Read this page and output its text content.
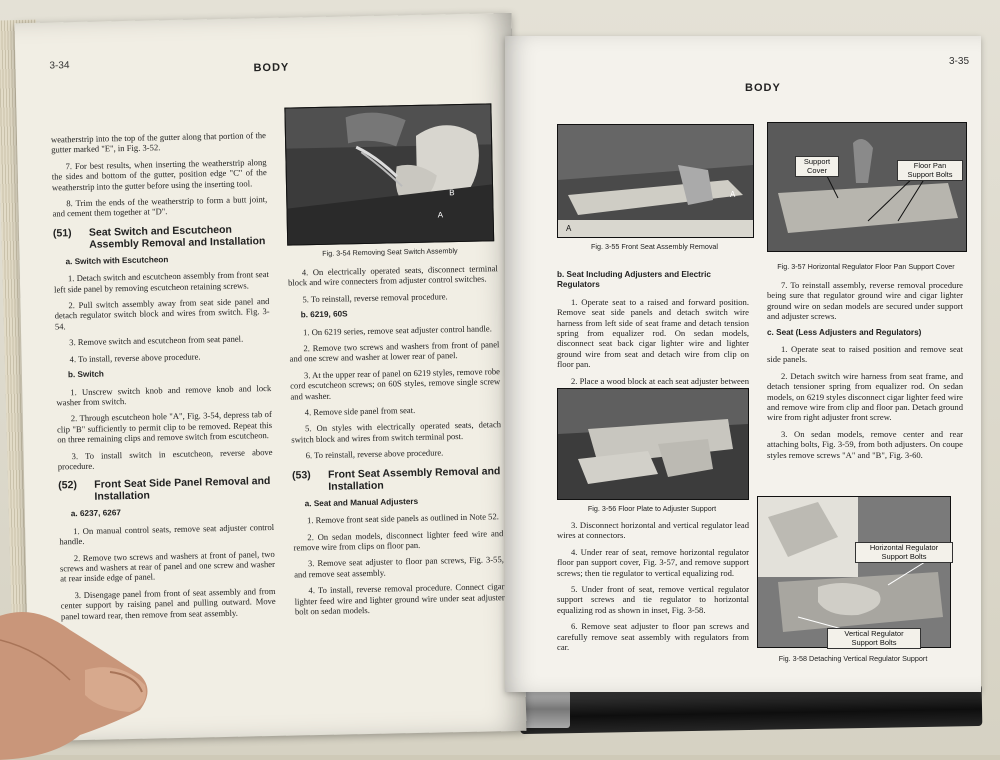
3-34	BODY

weatherstrip into the top of the gutter along that portion of the gutter marked "E", in Fig. 3-52.

7. For best results, when inserting the weatherstrip along the sides and bottom of the gutter, position edge "C" of the weatherstrip into the gutter before using the inserting tool.

8. Trim the ends of the weatherstrip to form a butt joint, and cement them together at "D".

(51)	Seat Switch and Escutcheon Assembly Removal and Installation
a. Switch with Escutcheon

1. Detach switch and escutcheon assembly from front seat left side panel by removing escutcheon retaining screws.

2. Pull switch assembly away from seat side panel and detach regulator switch block and wires from switch. Fig. 3-54.

3. Remove switch and escutcheon from seat panel.

4. To install, reverse above procedure.

b. Switch

1. Unscrew switch knob and remove knob and lock washer from switch.

2. Through escutcheon hole "A", Fig. 3-54, depress tab of clip "B" sufficiently to permit clip to be removed. Repeat this on three remaining clips and remove switch from escutcheon.

3. To install switch in escutcheon, reverse above procedure.

(52)	Front Seat Side Panel Removal and Installation
a. 6237, 6267

1. On manual control seats, remove seat adjuster control handle.

2. Remove two screws and washers at front of panel, two screws and washers at rear of panel and one screw and washer at rear inside edge of panel.

3. Disengage panel from front of seat assembly and from center support by raising panel and pulling outward. Move panel toward rear, then remove from seat assembly.

B
A
Fig. 3-54 Removing Seat Switch Assembly

4. On electrically operated seats, disconnect terminal block and wire connecters from adjuster control switches.

5. To reinstall, reverse removal procedure.

b. 6219, 60S

1. On 6219 series, remove seat adjuster control handle.

2. Remove two screws and washers from front of panel and one screw and washer at lower rear of panel.

3. At the upper rear of panel on 6219 styles, remove robe cord escutcheon screws; on 60S styles, remove single screw and washer.

4. Remove side panel from seat.

5. On styles with electrically operated seats, detach switch block and wires from switch terminal post.

6. To reinstall, reverse above procedure.

(53)	Front Seat Assembly Removal and Installation
a. Seat and Manual Adjusters

1. Remove front seat side panels as outlined in Note 52.

2. On sedan models, disconnect lighter feed wire and remove wire from clips on floor pan.

3. Remove seat adjuster to floor pan screws, Fig. 3-55, and remove seat assembly.

4. To install, reverse removal procedure. Connect cigar lighter feed wire and lighter ground wire under seat adjuster bolt on sedan models.

3-35
BODY
A
A
Fig. 3-55 Front Seat Assembly Removal
Support Cover	Floor Pan Support Bolts
Fig. 3-57 Horizontal Regulator Floor Pan Support Cover
b. Seat Including Adjusters and Electric Regulators

1. Operate seat to a raised and forward position. Remove seat side panels and detach switch wire harness from left side of seat frame and detach tension spring from equalizer rod. On sedan models, disconnect seat back cigar lighter wire and lighter ground wire from seat and detach wire from clip on floor pan.

2. Place a wood block at each seat adjuster between

Fig. 3-56 Floor Plate to Adjuster Support

3. Disconnect horizontal and vertical regulator lead wires at connectors.

4. Under rear of seat, remove horizontal regulator floor pan support cover, Fig. 3-57, and remove support screws; then tie regulator to vertical equalizing rod.

5. Under front of seat, remove vertical regulator support screws and tie regulator to horizontal equalizing rod as shown in inset, Fig. 3-58.

6. Remove seat adjuster to floor pan screws and carefully remove seat assembly with regulators from car.

7. To reinstall assembly, reverse removal procedure being sure that regulator ground wire and cigar lighter ground wire on sedan models are secured under support and adjuster screws.

c. Seat (Less Adjusters and Regulators)

1. Operate seat to raised position and remove seat side panels.

2. Detach switch wire harness from seat frame, and detach tensioner spring from equalizer rod. On sedan models, on 6219 styles disconnect cigar lighter feed wire and remove wire from clip and floor pan. Detach ground wire from right adjuster front screw.

3. On sedan models, remove center and rear attaching bolts, Fig. 3-59, from both adjusters. On coupe styles remove screws "A" and "B", Fig. 3-60.

Horizontal Regulator Support Bolts
Vertical Regulator Support Bolts
Fig. 3-58 Detaching Vertical Regulator Support
